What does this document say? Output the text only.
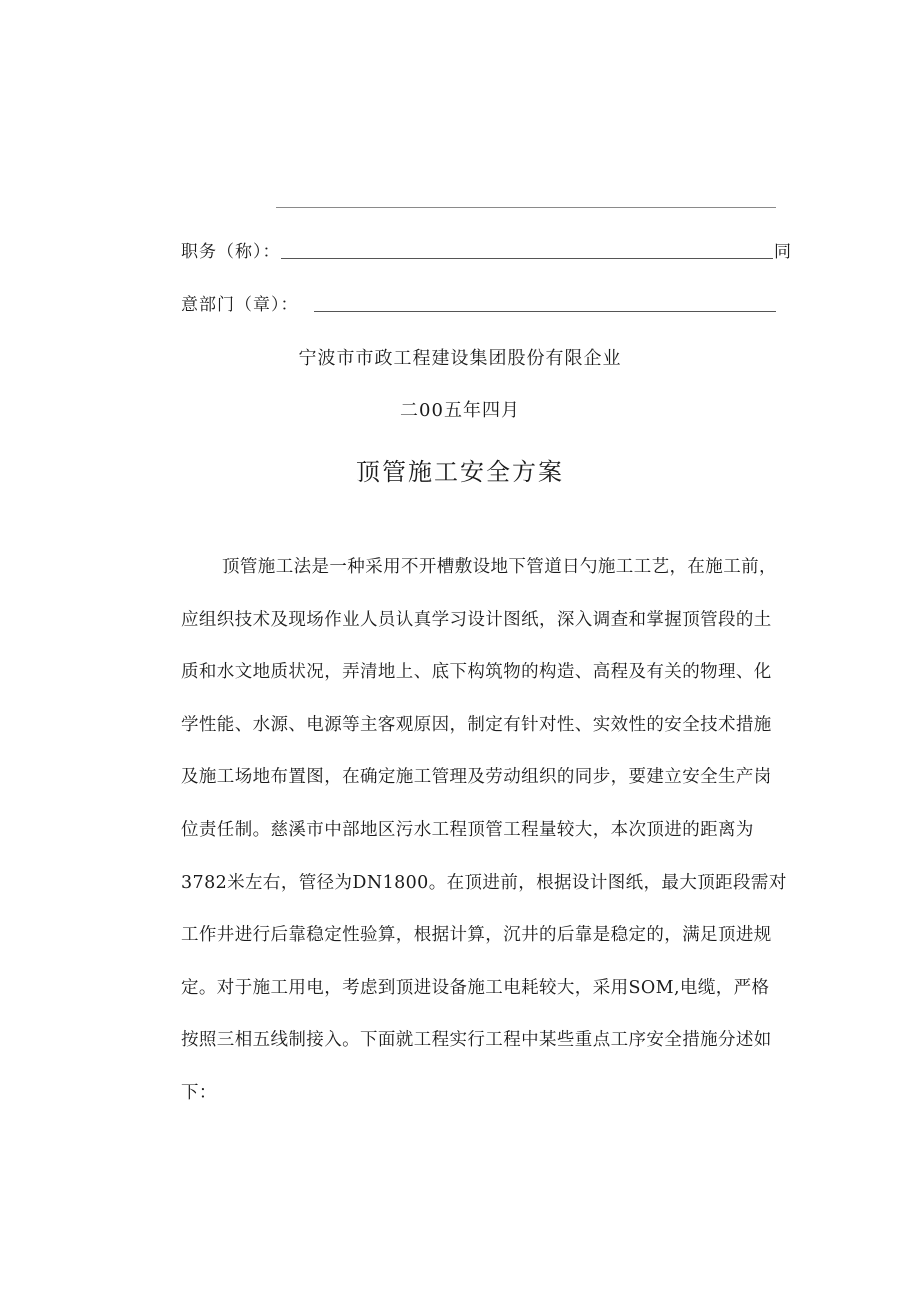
职务（称）：	同
意部门（章）：
宁波市市政工程建设集团股份有限企业
二00五年四月
顶管施工安全方案
顶管施工法是一种采用不开槽敷设地下管道日勺施工工艺，在施工前，
应组织技术及现场作业人员认真学习设计图纸，深入调查和掌握顶管段的土
质和水文地质状况，弄清地上、底下构筑物的构造、高程及有关的物理、化
学性能、水源、电源等主客观原因，制定有针对性、实效性的安全技术措施
及施工场地布置图，在确定施工管理及劳动组织的同步，要建立安全生产岗
位责任制。慈溪市中部地区污水工程顶管工程量较大，本次顶进的距离为
3782米左右，管径为DN1800。在顶进前，根据设计图纸，最大顶距段需对
工作井进行后靠稳定性验算，根据计算，沉井的后靠是稳定的，满足顶进规
定。对于施工用电，考虑到顶进设备施工电耗较大，采用SOM,电缆，严格
按照三相五线制接入。下面就工程实行工程中某些重点工序安全措施分述如
下：
